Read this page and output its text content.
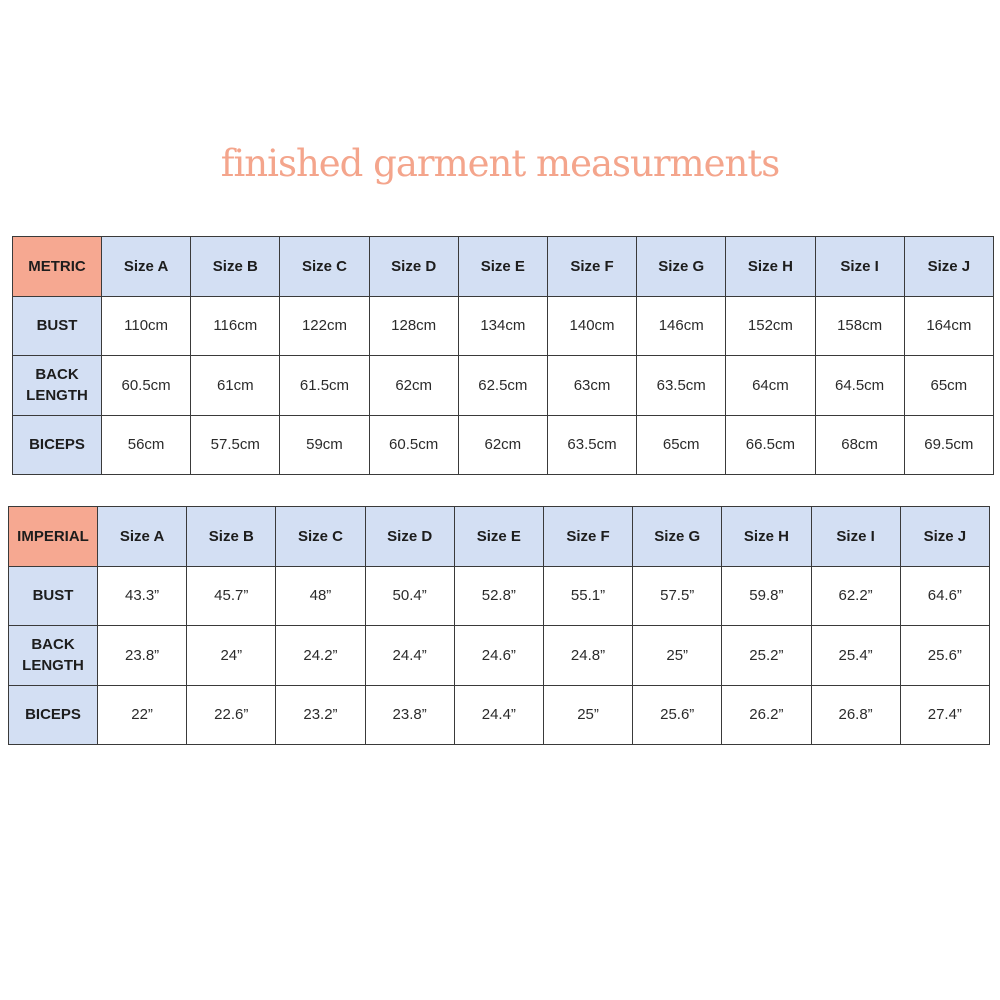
finished garment measurments
METRIC	Size A	Size B	Size C	Size D	Size E	Size F	Size G	Size H	Size I	Size J
BUST	110cm	116cm	122cm	128cm	134cm	140cm	146cm	152cm	158cm	164cm
BACK
LENGTH	60.5cm	61cm	61.5cm	62cm	62.5cm	63cm	63.5cm	64cm	64.5cm	65cm
BICEPS	56cm	57.5cm	59cm	60.5cm	62cm	63.5cm	65cm	66.5cm	68cm	69.5cm
IMPERIAL	Size A	Size B	Size C	Size D	Size E	Size F	Size G	Size H	Size I	Size J
BUST	43.3”	45.7”	48”	50.4”	52.8”	55.1”	57.5”	59.8”	62.2”	64.6”
BACK
LENGTH	23.8”	24”	24.2”	24.4”	24.6”	24.8”	25”	25.2”	25.4”	25.6”
BICEPS	22”	22.6”	23.2”	23.8”	24.4”	25”	25.6”	26.2”	26.8”	27.4”
